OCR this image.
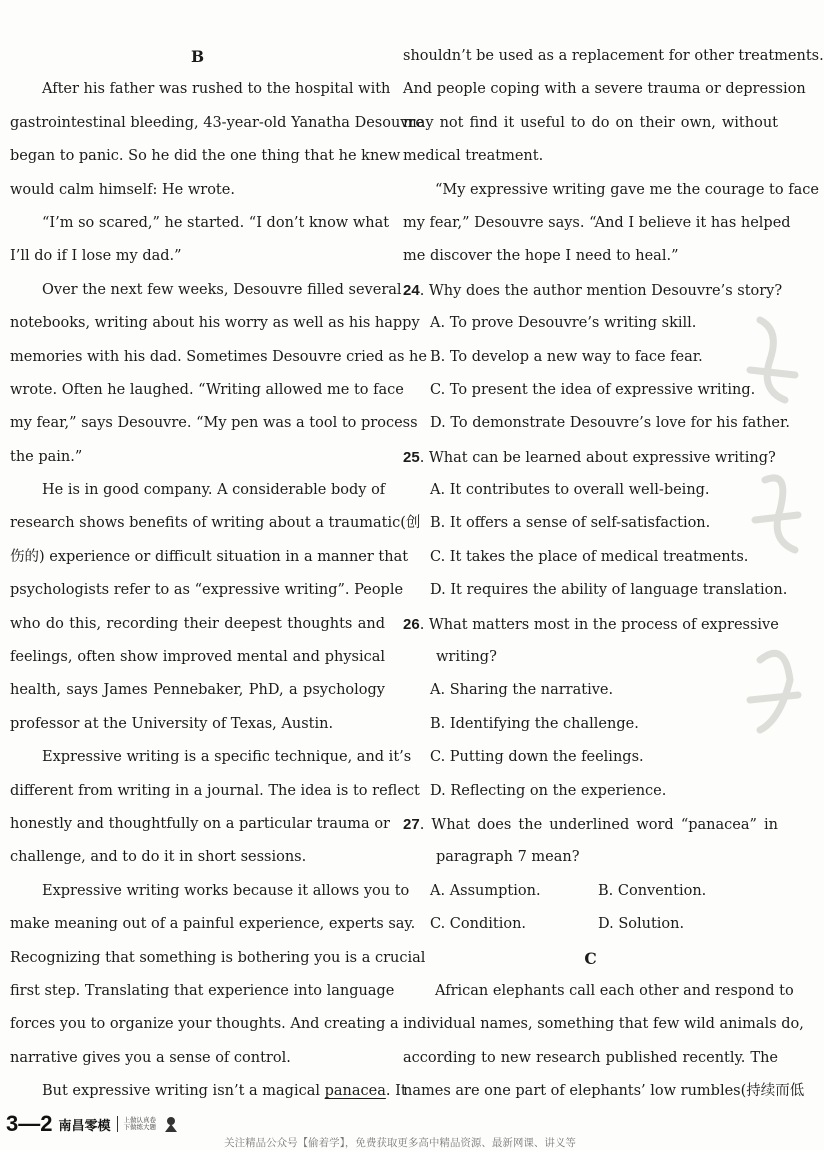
B
After his father was rushed to the hospital with
gastrointestinal bleeding, 43-year-old Yanatha Desouvre
began to panic. So he did the one thing that he knew
would calm himself: He wrote.
“I’m so scared,” he started. “I don’t know what
I’ll do if I lose my dad.”
Over the next few weeks, Desouvre filled several
notebooks, writing about his worry as well as his happy
memories with his dad. Sometimes Desouvre cried as he
wrote. Often he laughed. “Writing allowed me to face
my fear,” says Desouvre. “My pen was a tool to process
the pain.”
He is in good company. A considerable body of
research shows benefits of writing about a traumatic(创
伤的) experience or difficult situation in a manner that
psychologists refer to as “expressive writing”. People
who do this, recording their deepest thoughts and
feelings, often show improved mental and physical
health, says James Pennebaker, PhD, a psychology
professor at the University of Texas, Austin.
Expressive writing is a specific technique, and it’s
different from writing in a journal. The idea is to reflect
honestly and thoughtfully on a particular trauma or
challenge, and to do it in short sessions.
Expressive writing works because it allows you to
make meaning out of a painful experience, experts say.
Recognizing that something is bothering you is a crucial
first step. Translating that experience into language
forces you to organize your thoughts. And creating a
narrative gives you a sense of control.
But expressive writing isn’t a magical panacea. It
shouldn’t be used as a replacement for other treatments.
And people coping with a severe trauma or depression
may not find it useful to do on their own, without
medical treatment.
“My expressive writing gave me the courage to face
my fear,” Desouvre says. “And I believe it has helped
me discover the hope I need to heal.”
24. Why does the author mention Desouvre’s story?
A. To prove Desouvre’s writing skill.
B. To develop a new way to face fear.
C. To present the idea of expressive writing.
D. To demonstrate Desouvre’s love for his father.
25. What can be learned about expressive writing?
A. It contributes to overall well-being.
B. It offers a sense of self-satisfaction.
C. It takes the place of medical treatments.
D. It requires the ability of language translation.
26. What matters most in the process of expressive
writing?
A. Sharing the narrative.
B. Identifying the challenge.
C. Putting down the feelings.
D. Reflecting on the experience.
27. What does the underlined word “panacea” in
paragraph 7 mean?
A. Assumption.	B. Convention.
C. Condition.	D. Solution.
C
African elephants call each other and respond to
individual names, something that few wild animals do,
according to new research published recently. The
names are one part of elephants’ low rumbles(持续而低
3—2 南昌零模 上做认真卷
下做练大题
关注精品公众号【偷着学】，免费获取更多高中精品资源、最新网课、讲义等
